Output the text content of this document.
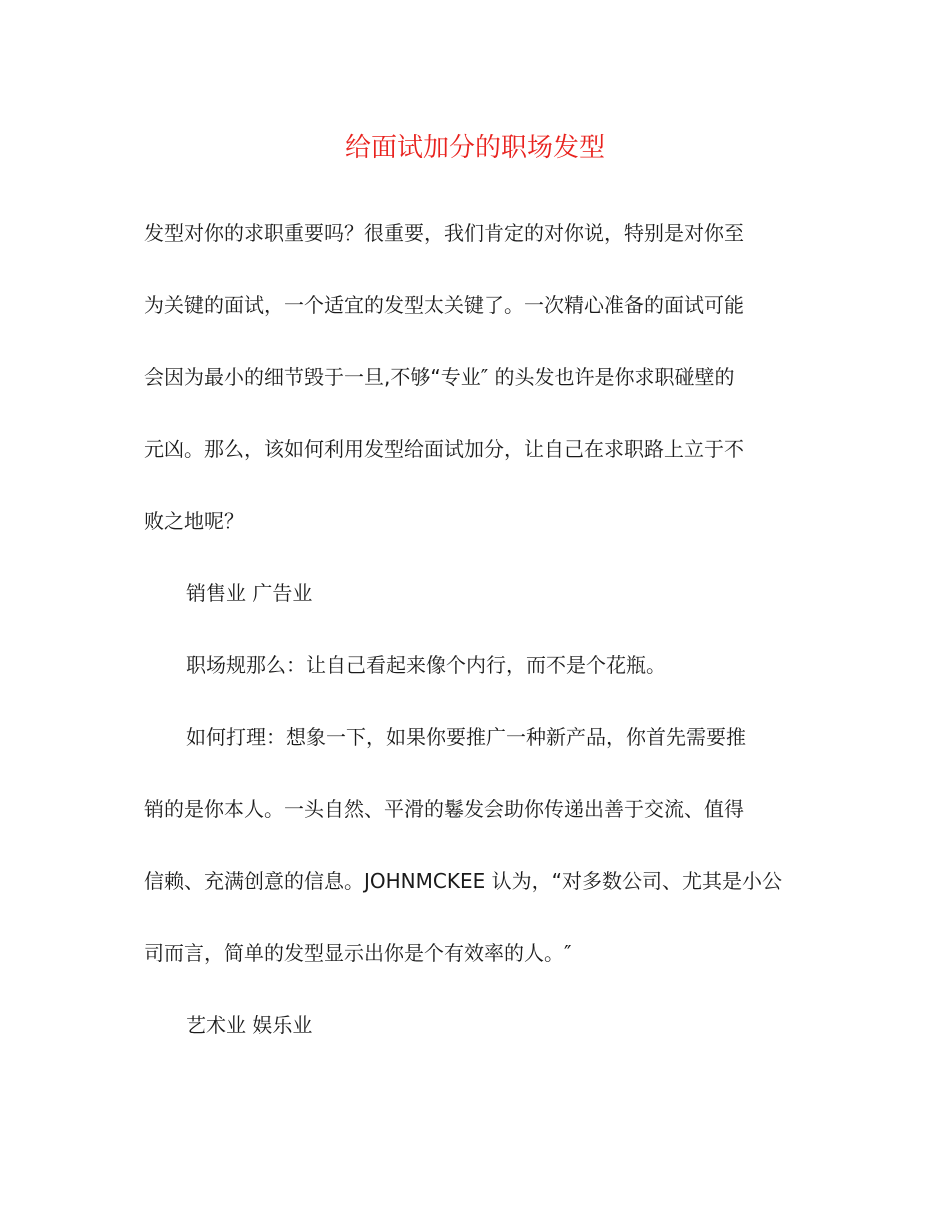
给面试加分的职场发型

发型对你的求职重要吗？很重要，我们肯定的对你说，特别是对你至

为关键的面试，一个适宜的发型太关键了。一次精心准备的面试可能

会因为最小的细节毁于一旦,不够“专业″ 的头发也许是你求职碰壁的

元凶。那么，该如何利用发型给面试加分，让自己在求职路上立于不

败之地呢？

销售业 广告业

职场规那么：让自己看起来像个内行，而不是个花瓶。

如何打理：想象一下，如果你要推广一种新产品，你首先需要推

销的是你本人。一头自然、平滑的鬈发会助你传递出善于交流、值得

信赖、充满创意的信息。JOHNMCKEE 认为，“对多数公司、尤其是小公

司而言，简单的发型显示出你是个有效率的人。″

艺术业 娱乐业
